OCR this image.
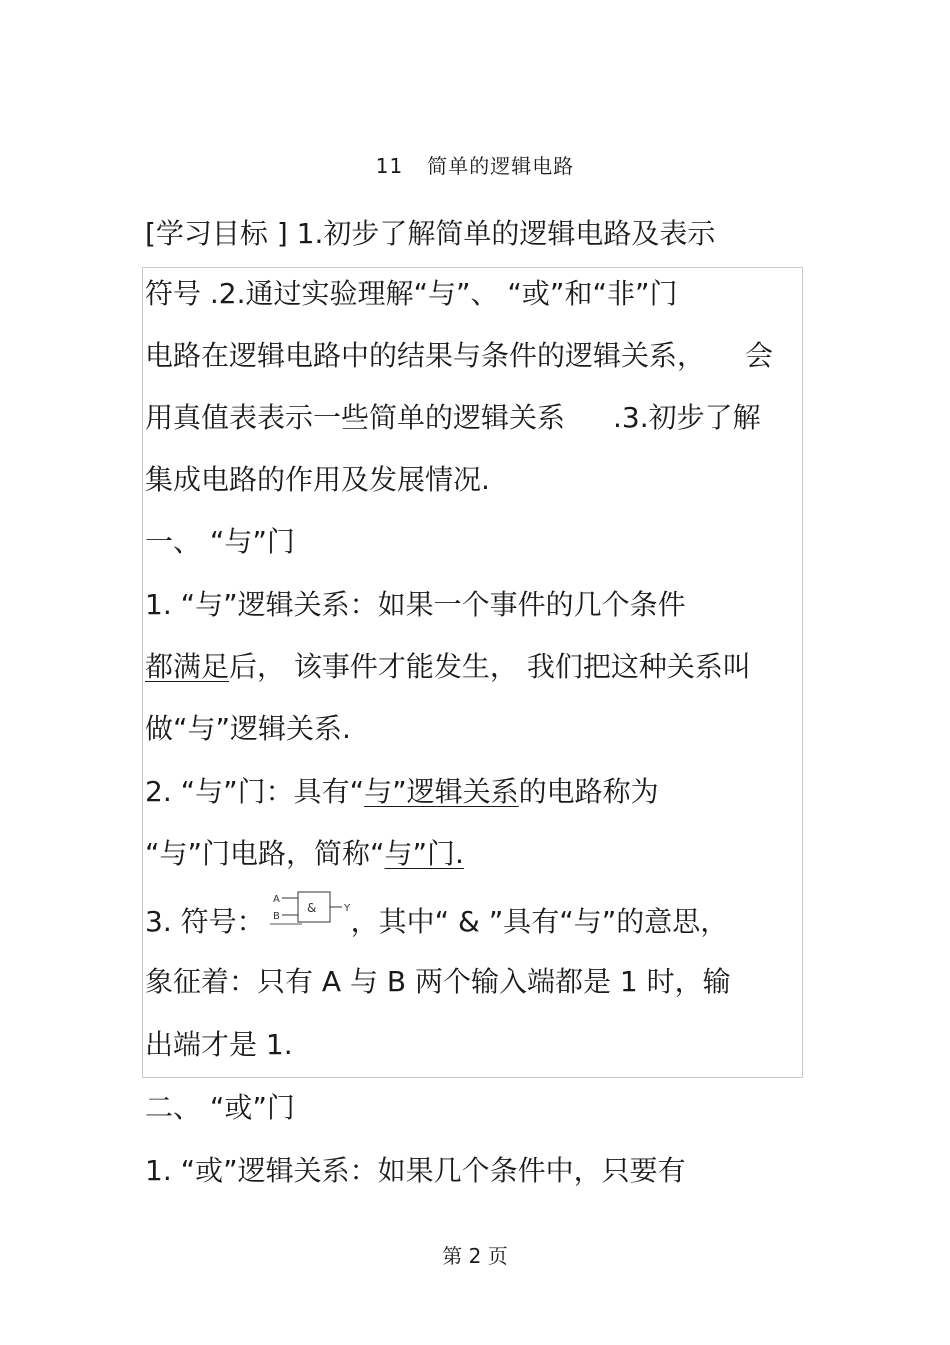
11 简单的逻辑电路
[学习目标 ] 1.初步了解简单的逻辑电路及表示
符号 .2.通过实验理解“与”、 “或”和“非”门
电路在逻辑电路中的结果与条件的逻辑关系， 会
用真值表表示一些简单的逻辑关系 .3.初步了解
集成电路的作用及发展情况.
一、 “与”门
1. “与”逻辑关系：如果一个事件的几个条件
都满足后， 该事件才能发生， 我们把这种关系叫
做“与”逻辑关系.
2. “与”门：具有“与”逻辑关系的电路称为
“与”门电路，简称“与”门.
3. 符号：	，其中“ & ”具有“与”的意思，
A
B
&	Y
象征着：只有 A 与 B 两个输入端都是 1 时，输
出端才是 1.
二、 “或”门
1. “或”逻辑关系：如果几个条件中，只要有
第 2 页
